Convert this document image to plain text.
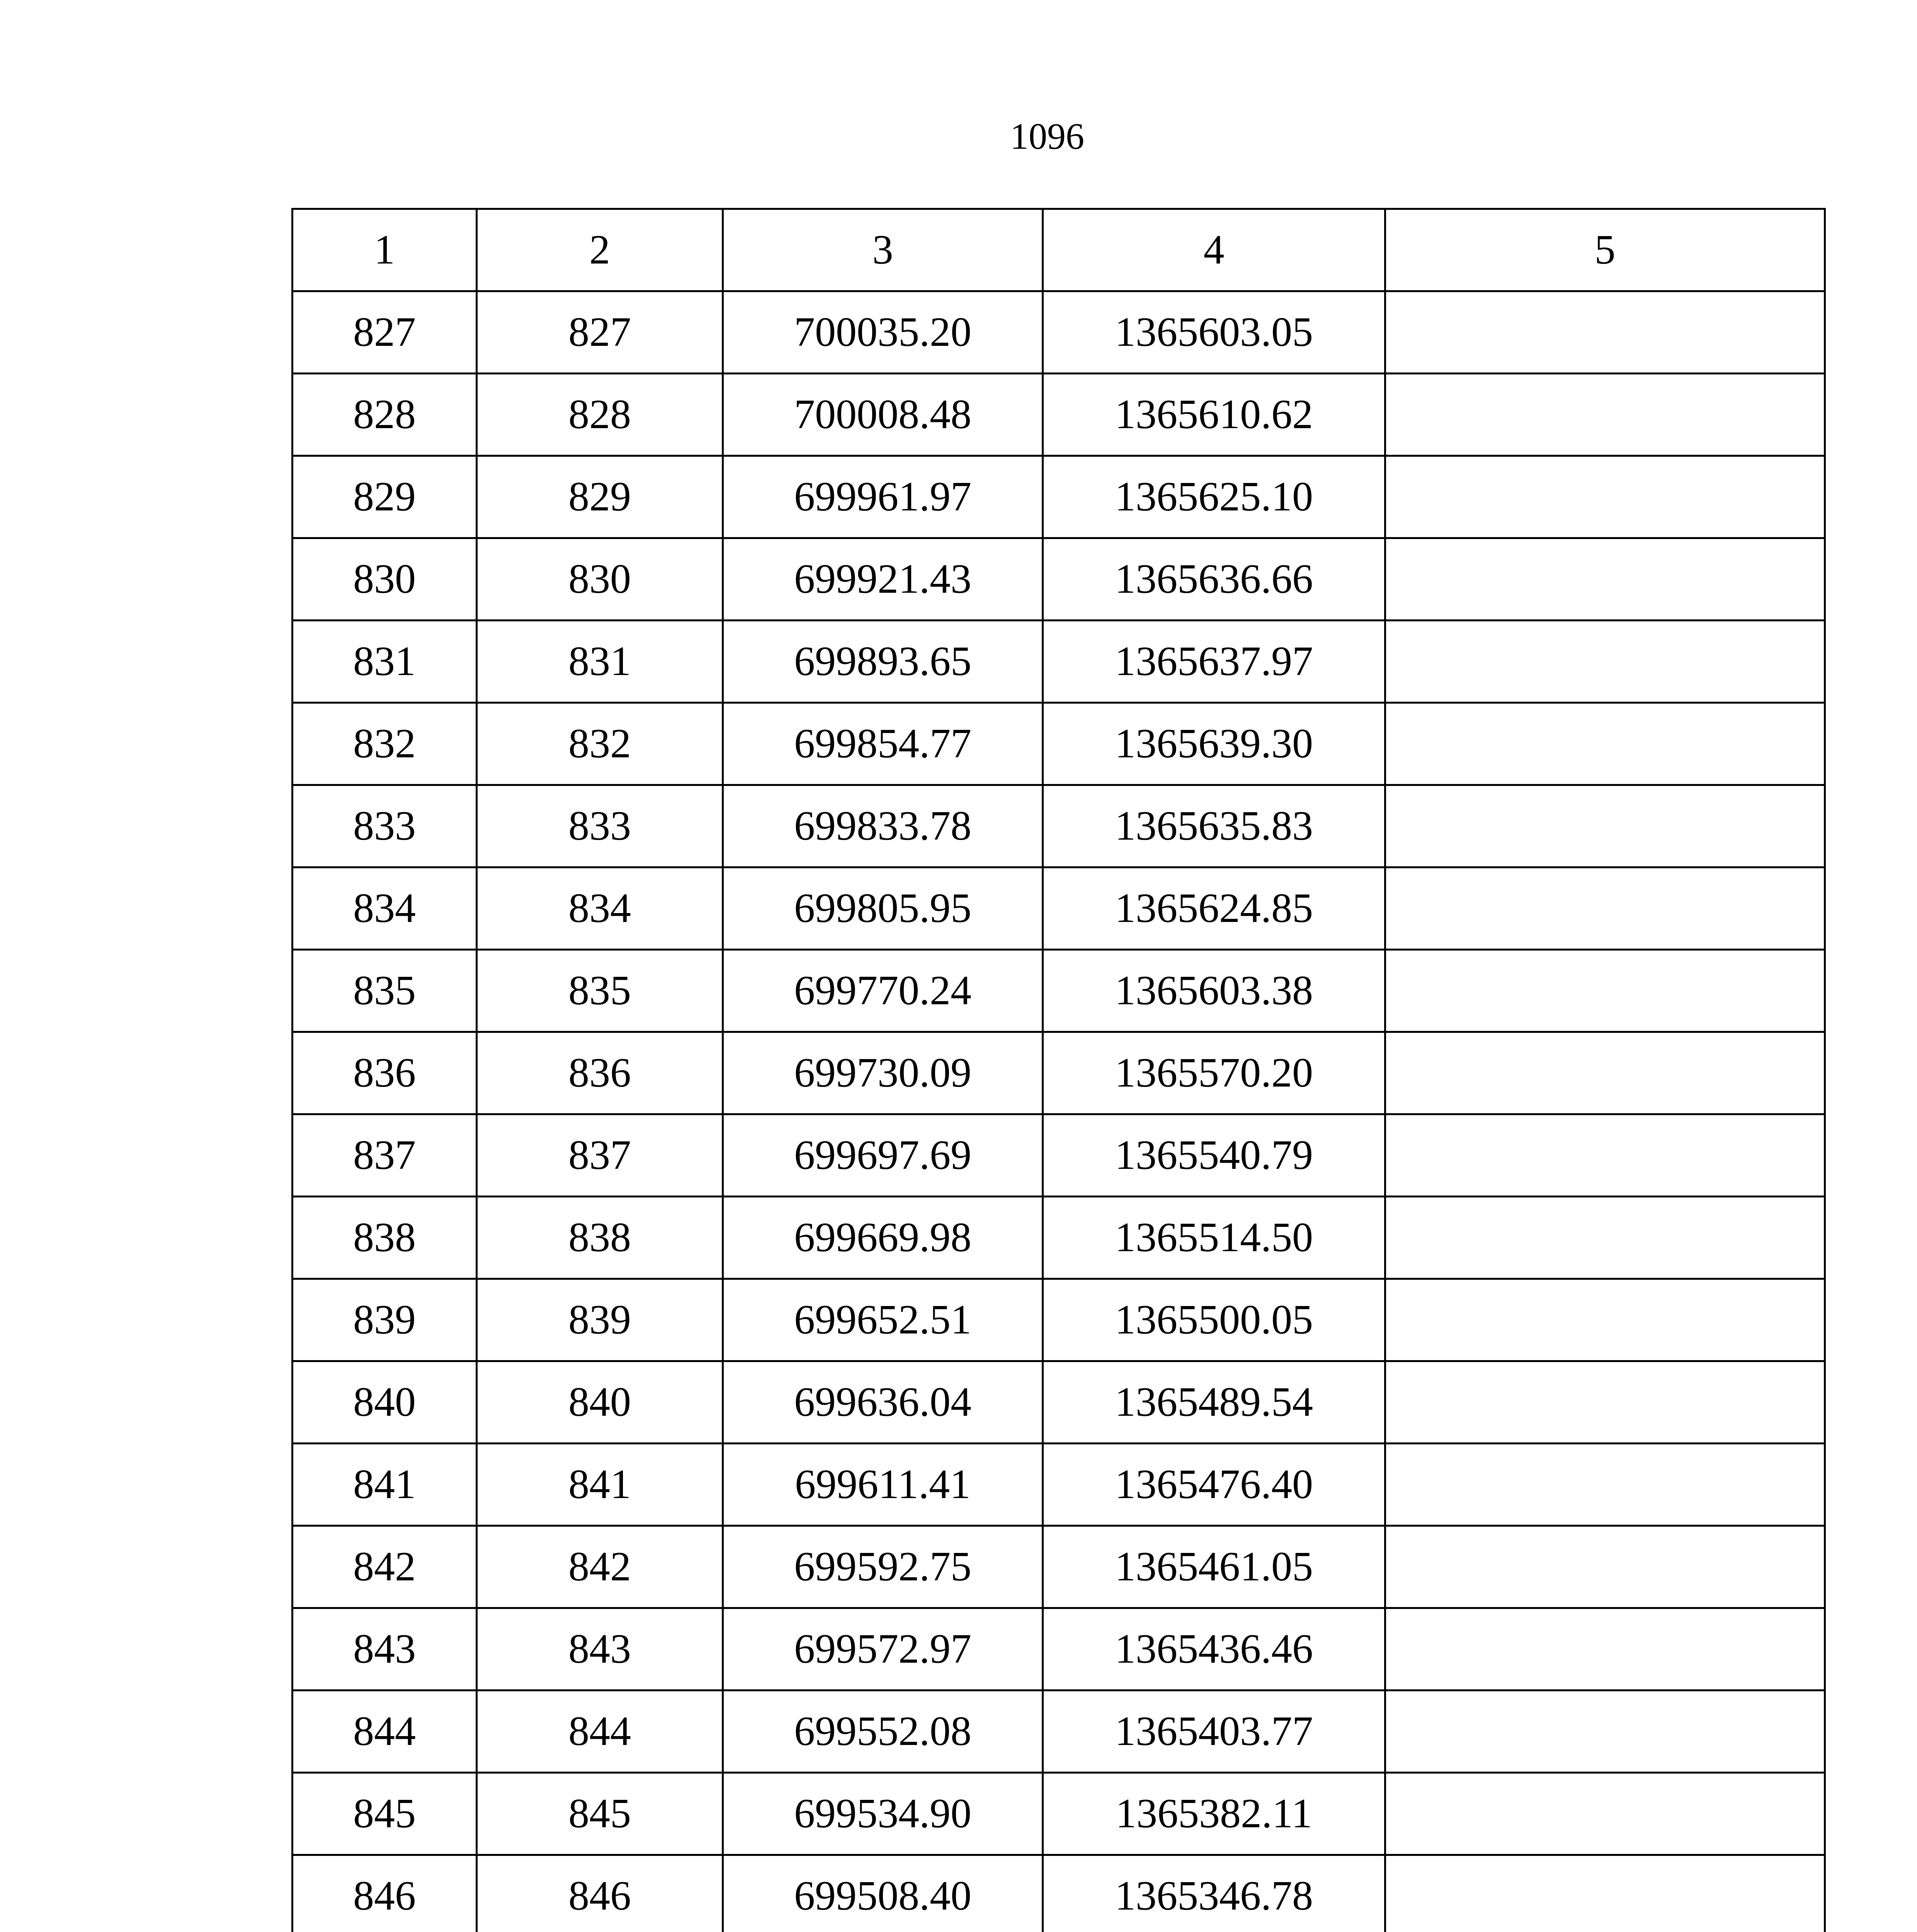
1096
1	2	3	4	5
827	827	700035.20	1365603.05	
828	828	700008.48	1365610.62	
829	829	699961.97	1365625.10	
830	830	699921.43	1365636.66	
831	831	699893.65	1365637.97	
832	832	699854.77	1365639.30	
833	833	699833.78	1365635.83	
834	834	699805.95	1365624.85	
835	835	699770.24	1365603.38	
836	836	699730.09	1365570.20	
837	837	699697.69	1365540.79	
838	838	699669.98	1365514.50	
839	839	699652.51	1365500.05	
840	840	699636.04	1365489.54	
841	841	699611.41	1365476.40	
842	842	699592.75	1365461.05	
843	843	699572.97	1365436.46	
844	844	699552.08	1365403.77	
845	845	699534.90	1365382.11	
846	846	699508.40	1365346.78	
